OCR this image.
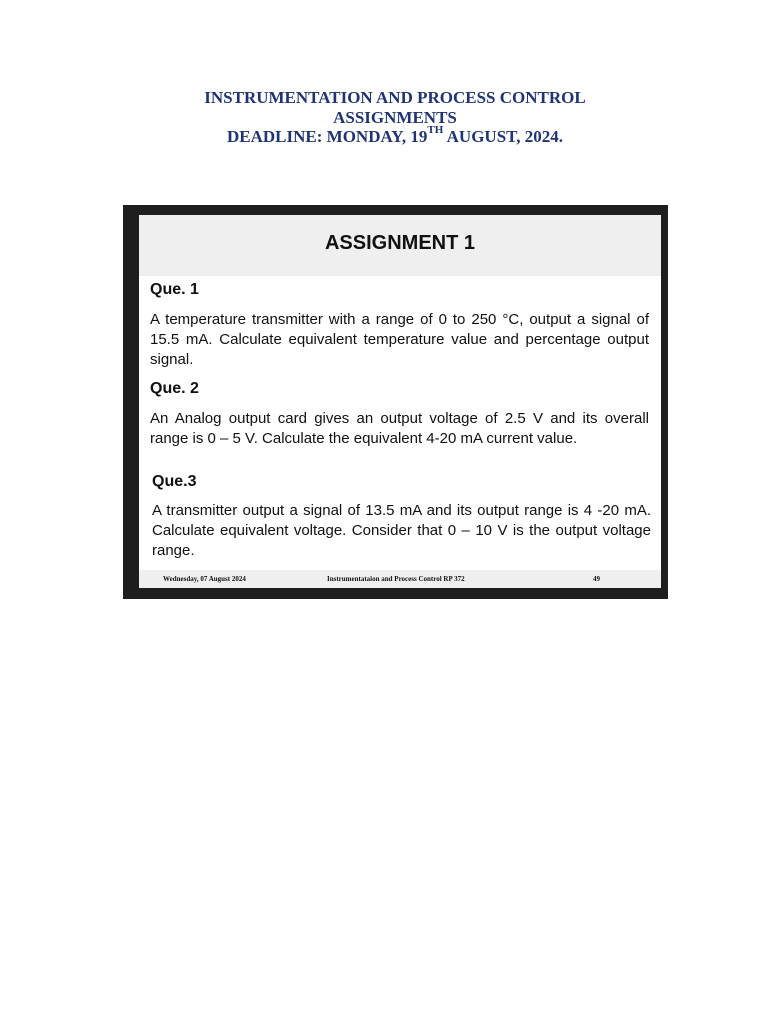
INSTRUMENTATION AND PROCESS CONTROL
ASSIGNMENTS
DEADLINE: MONDAY, 19TH AUGUST, 2024.
ASSIGNMENT 1
Que. 1
A temperature transmitter with a range of 0 to 250 °C, output a signal of 15.5 mA. Calculate equivalent temperature value and percentage output signal.
Que. 2
An Analog output card gives an output voltage of 2.5 V and its overall range is 0 – 5 V. Calculate the equivalent 4-20 mA current value.
Que.3
A transmitter output a signal of 13.5 mA and its output range is 4 -20 mA. Calculate equivalent voltage. Consider that 0 – 10 V is the output voltage range.
Wednesday, 07 August 2024	Instrumentataion and Process Control RP 372	49
